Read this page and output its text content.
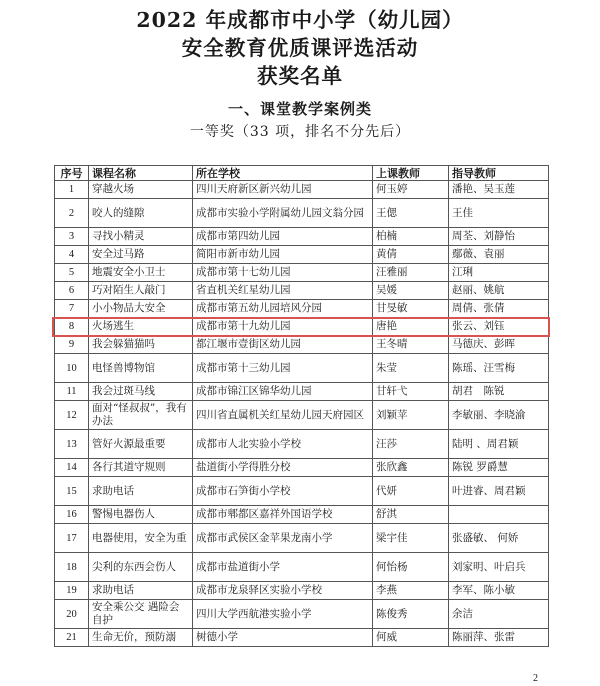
2022 年成都市中小学（幼儿园）
安全教育优质课评选活动
获奖名单
一、课堂教学案例类
一等奖（33 项，排名不分先后）
序号	课程名称	所在学校	上课教师	指导教师
1	穿越火场	四川天府新区新兴幼儿园	何玉婷	潘艳、吴玉莲
2	咬人的缝隙	成都市实验小学附属幼儿园文翁分园	王偲	王佳
3	寻找小精灵	成都市第四幼儿园	柏楠	周荃、刘静怡
4	安全过马路	简阳市新市幼儿园	黄倩	鄢薇、袁丽
5	地震安全小卫士	成都市第十七幼儿园	汪雅丽	江琍
6	巧对陌生人敲门	省直机关红星幼儿园	吴媛	赵丽、姚航
7	小小物品大安全	成都市第五幼儿园培风分园	甘旻敏	周倩、张倩
8	火场逃生	成都市第十九幼儿园	唐艳	张云、刘钰
9	我会躲猫猫吗	都江堰市壹街区幼儿园	王冬晴	马德庆、彭晖
10	电怪兽博物馆	成都市第十三幼儿园	朱莹	陈瑶、汪雪梅
11	我会过斑马线	成都市锦江区锦华幼儿园	甘轩弋	胡君　陈锐
12	面对“怪叔叔”，我有办法	四川省直属机关红星幼儿园天府园区	刘颖苹	李敏丽、李晓渝
13	管好火源最重要	成都市人北实验小学校	汪莎	陆明 、周君颖
14	各行其道守规则	盐道街小学得胜分校	张欣鑫	陈锐 罗爵慧
15	求助电话	成都市石笋街小学校	代妍	叶进睿、周君颖
16	警惕电器伤人	成都市郫都区嘉祥外国语学校	舒淇	
17	电器使用，安全为重	成都市武侯区金苹果龙南小学	梁宇佳	张盛敏、 何娇
18	尖利的东西会伤人	成都市盐道街小学	何怡杨	刘家明、叶启兵
19	求助电话	成都市龙泉驿区实验小学校	李燕	李军、陈小敏
20	安全乘公交 遇险会自护	四川大学西航港实验小学	陈俊秀	余洁
21	生命无价，预防溺	树德小学	何威	陈丽萍、张雷
2
